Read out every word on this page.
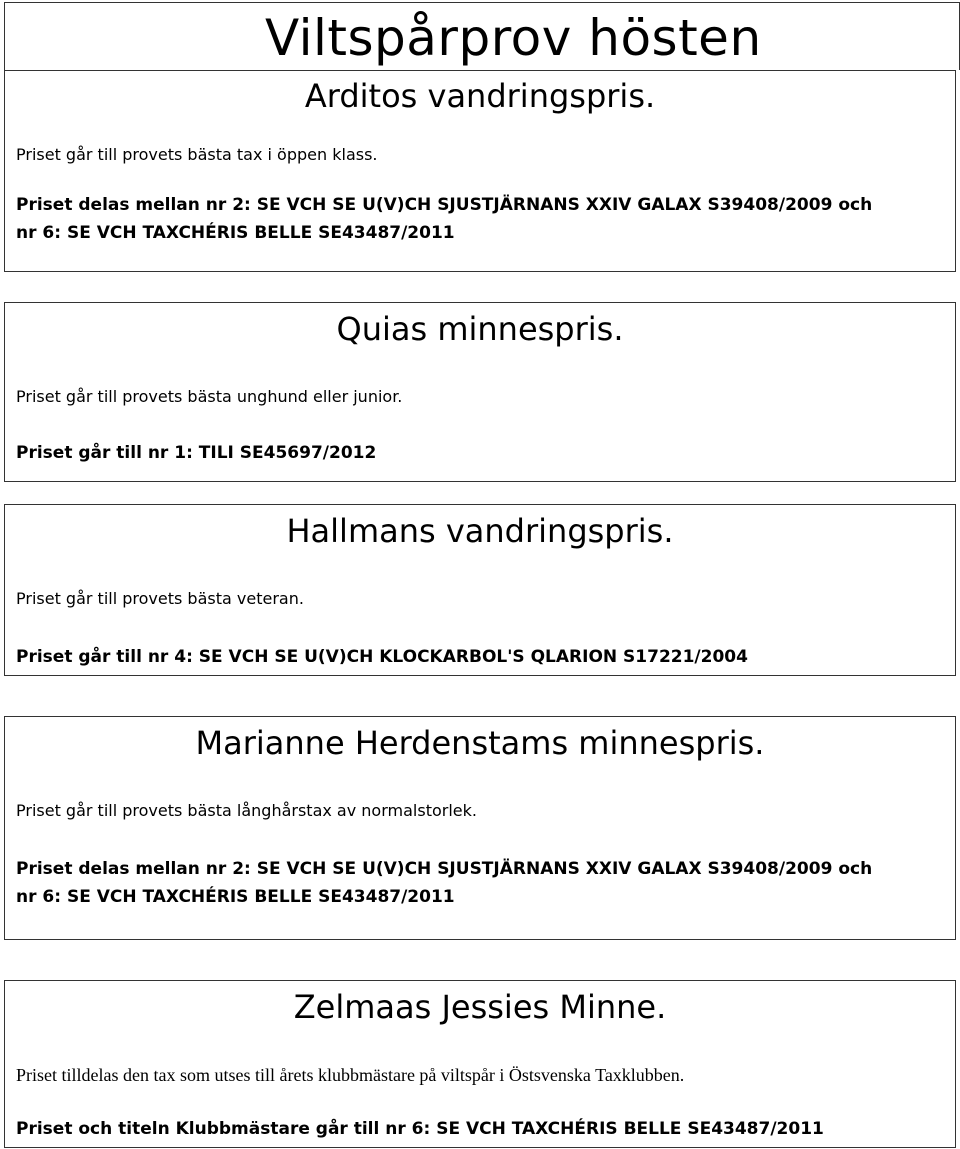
Arditos vandringspris.

Priset går till provets bästa tax i öppen klass.

Priset delas mellan nr 2: SE VCH SE U(V)CH SJUSTJÄRNANS XXIV GALAX S39408/2009 och

nr 6: SE VCH TAXCHÉRIS BELLE SE43487/2011

Viltspårprov hösten
Quias minnespris.

Priset går till provets bästa unghund eller junior.

Priset går till nr 1: TILI SE45697/2012

Hallmans vandringspris.

Priset går till provets bästa veteran.

Priset går till nr 4: SE VCH SE U(V)CH KLOCKARBOL'S QLARION S17221/2004

Marianne Herdenstams minnespris.

Priset går till provets bästa långhårstax av normalstorlek.

Priset delas mellan nr 2: SE VCH SE U(V)CH SJUSTJÄRNANS XXIV GALAX S39408/2009 och

nr 6: SE VCH TAXCHÉRIS BELLE SE43487/2011

Zelmaas Jessies Minne.

Priset tilldelas den tax som utses till årets klubbmästare på viltspår i Östsvenska Taxklubben.

Priset och titeln Klubbmästare går till nr 6: SE VCH TAXCHÉRIS BELLE SE43487/2011
